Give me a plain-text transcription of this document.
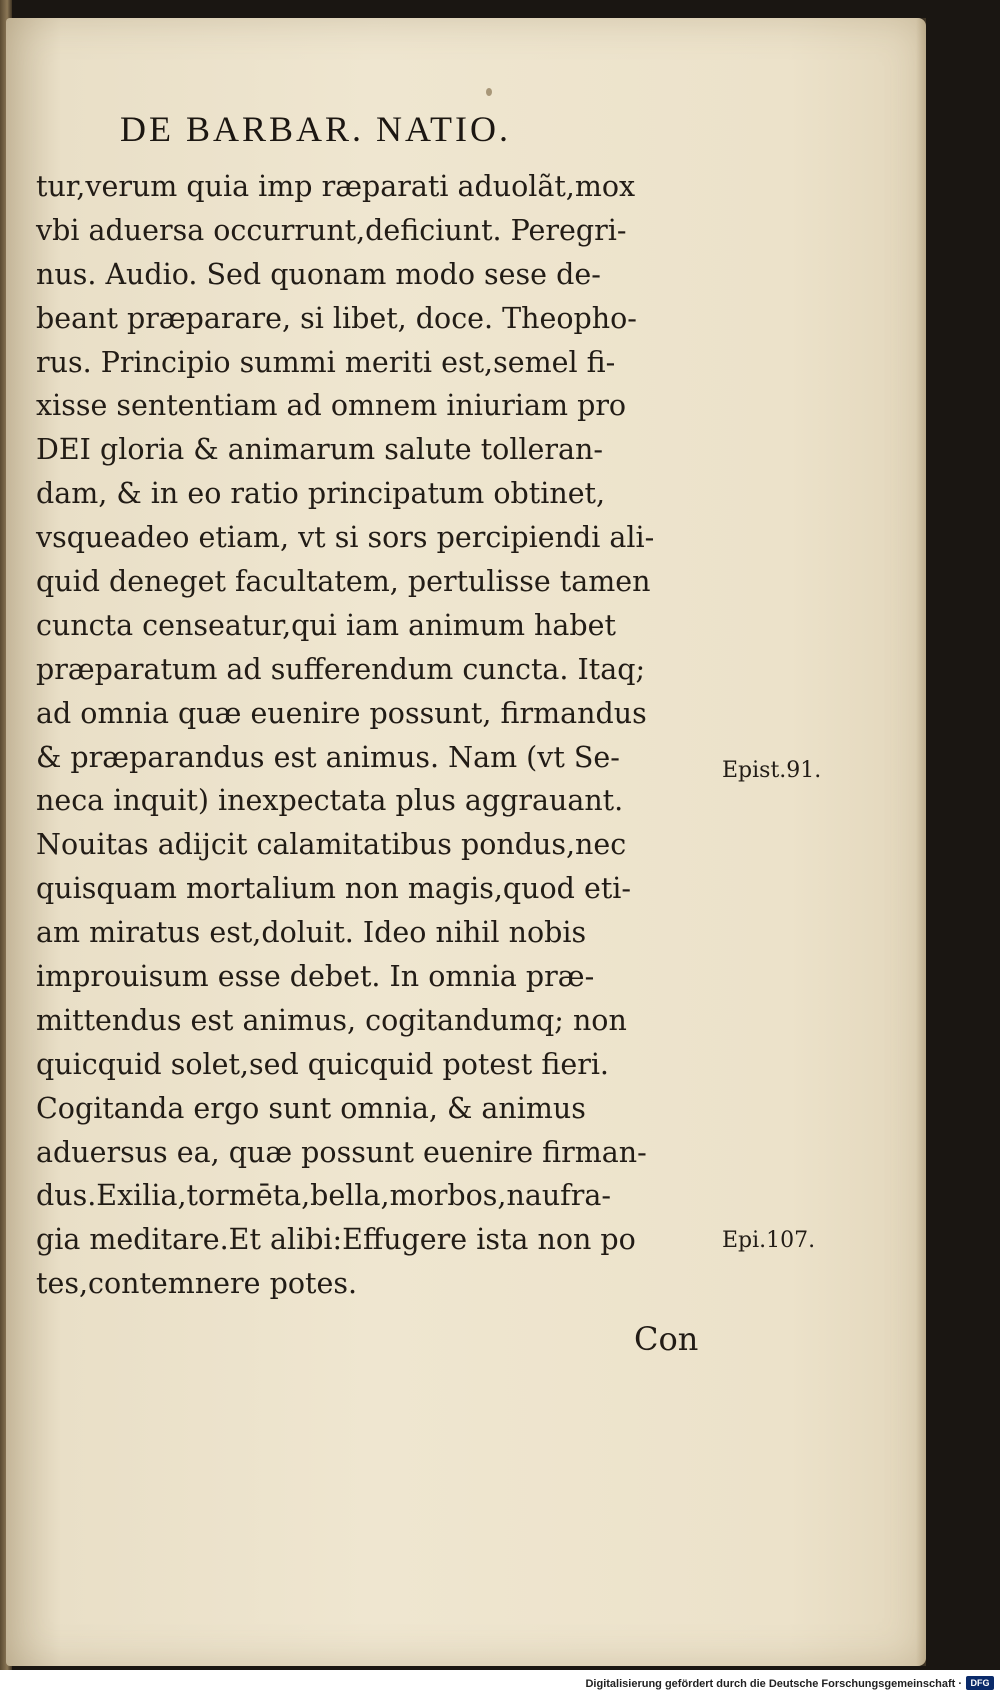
DE BARBAR. NATIO.
tur,verum quia imp ræparati aduolãt,mox
vbi aduersa occurrunt,deficiunt. Peregri-
nus. Audio. Sed quonam modo sese de-
beant præparare, si libet, doce. Theopho-
rus. Principio summi meriti est,semel fi-
xisse sententiam ad omnem iniuriam pro
DEI gloria & animarum salute tolleran-
dam, & in eo ratio principatum obtinet,
vsqueadeo etiam, vt si sors percipiendi ali-
quid deneget facultatem, pertulisse tamen
cuncta censeatur,qui iam animum habet
præparatum ad sufferendum cuncta. Itaq;
ad omnia quæ euenire possunt, firmandus
& præparandus est animus. Nam (vt Se-
neca inquit) inexpectata plus aggrauant.
Nouitas adijcit calamitatibus pondus,nec
quisquam mortalium non magis,quod eti-
am miratus est,doluit. Ideo nihil nobis
improuisum esse debet. In omnia præ-
mittendus est animus, cogitandumq; non
quicquid solet,sed quicquid potest fieri.
Cogitanda ergo sunt omnia, & animus
aduersus ea, quæ possunt euenire firman-
dus.Exilia,tormēta,bella,morbos,naufra-
gia meditare.Et alibi:Effugere ista non po
tes,contemnere potes.
Epist.91.
Epi.107.
Con
Digitalisierung gefördert durch die Deutsche Forschungsgemeinschaft · DFG
